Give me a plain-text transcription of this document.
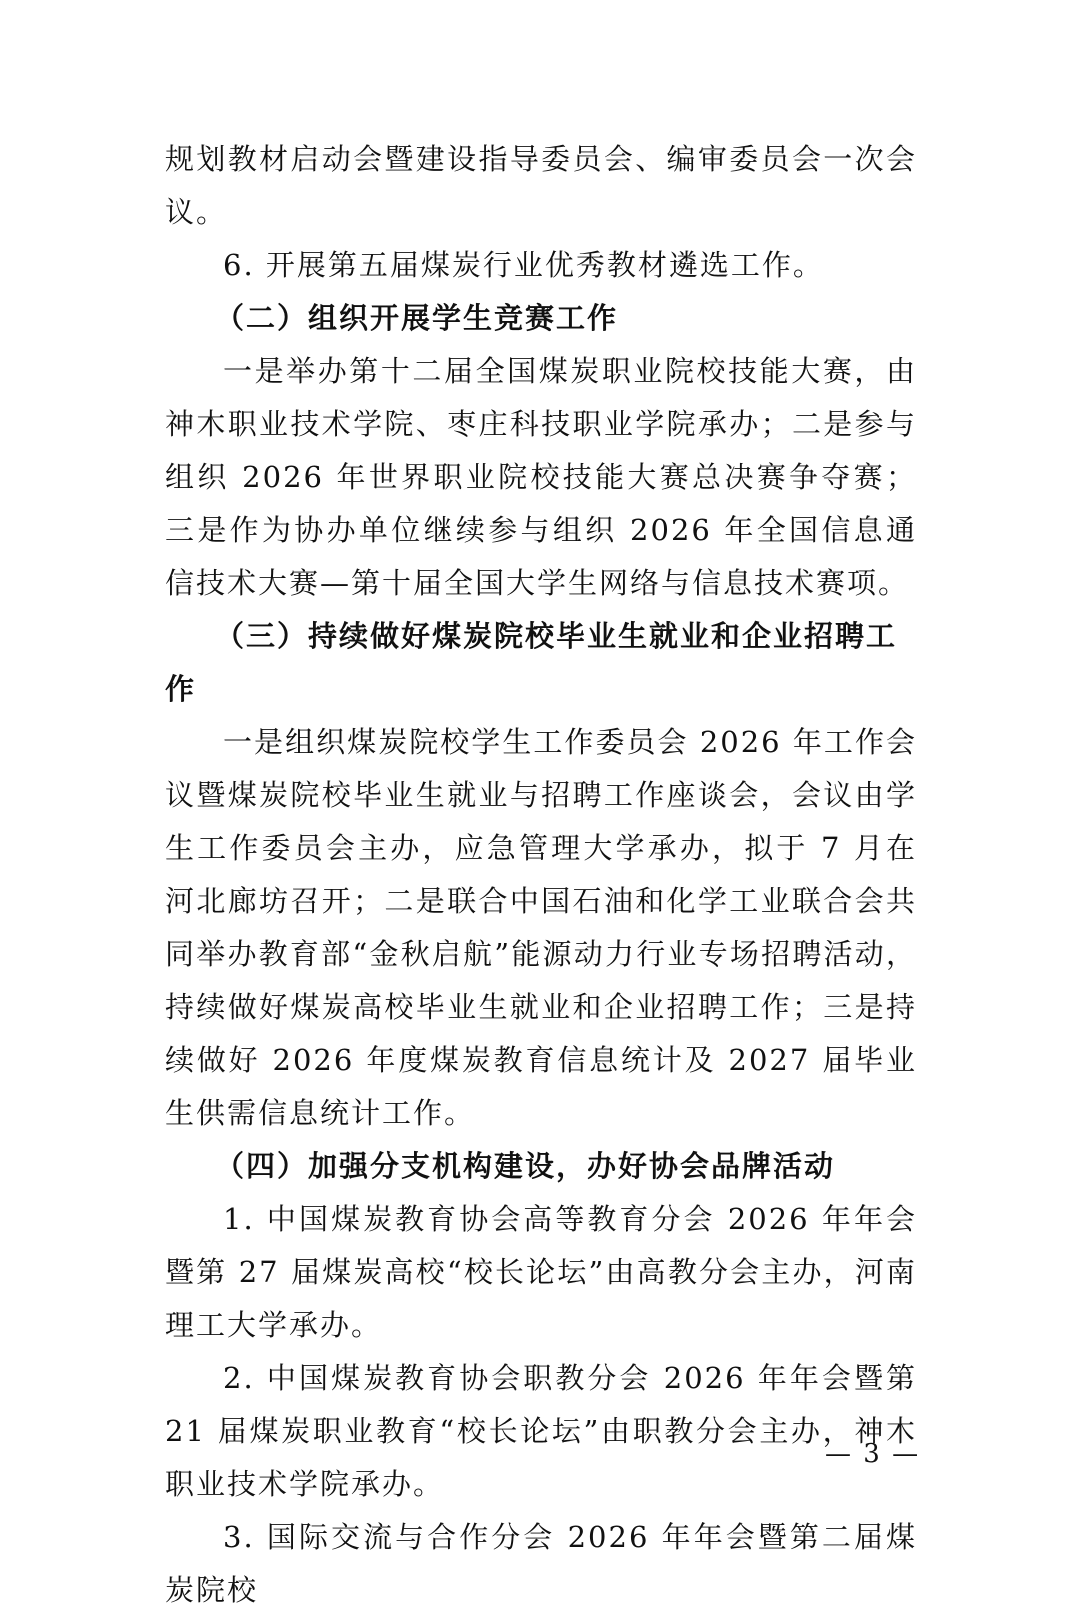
规划教材启动会暨建设指导委员会、编审委员会一次会议。

6. 开展第五届煤炭行业优秀教材遴选工作。

（二）组织开展学生竞赛工作

一是举办第十二届全国煤炭职业院校技能大赛，由神木职业技术学院、枣庄科技职业学院承办；二是参与组织 2026 年世界职业院校技能大赛总决赛争夺赛；三是作为协办单位继续参与组织 2026 年全国信息通信技术大赛—第十届全国大学生网络与信息技术赛项。

（三）持续做好煤炭院校毕业生就业和企业招聘工作

一是组织煤炭院校学生工作委员会 2026 年工作会议暨煤炭院校毕业生就业与招聘工作座谈会，会议由学生工作委员会主办，应急管理大学承办，拟于 7 月在河北廊坊召开；二是联合中国石油和化学工业联合会共同举办教育部“金秋启航”能源动力行业专场招聘活动，持续做好煤炭高校毕业生就业和企业招聘工作；三是持续做好 2026 年度煤炭教育信息统计及 2027 届毕业生供需信息统计工作。

（四）加强分支机构建设，办好协会品牌活动

1. 中国煤炭教育协会高等教育分会 2026 年年会暨第 27 届煤炭高校“校长论坛”由高教分会主办，河南理工大学承办。

2. 中国煤炭教育协会职教分会 2026 年年会暨第 21 届煤炭职业教育“校长论坛”由职教分会主办，神木职业技术学院承办。

3. 国际交流与合作分会 2026 年年会暨第二届煤炭院校

— 3 —
